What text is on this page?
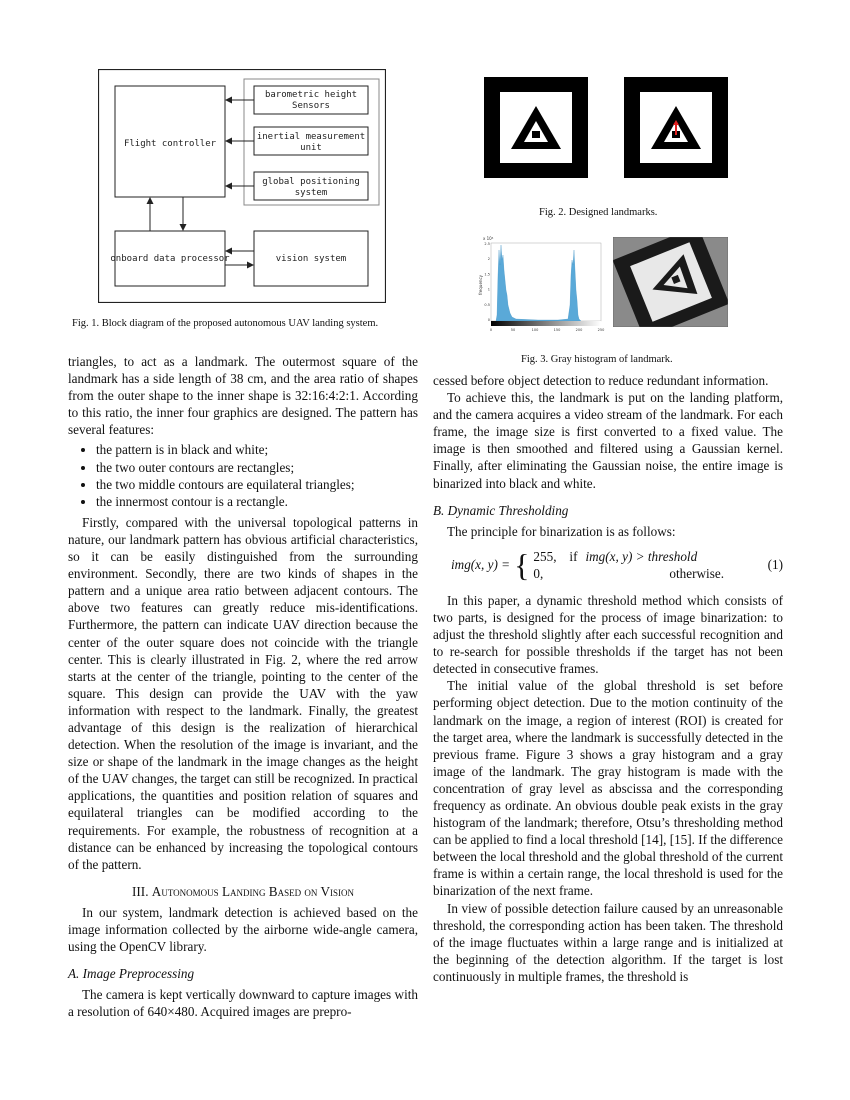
Flight controller
barometric height
Sensors
inertial measurement
unit
global positioning
system
onboard data processor	vision system
Fig. 1. Block diagram of the proposed autonomous UAV landing system.
Fig. 2. Designed landmarks.
x 10⁴
frequency
2.5
2
1.5
1
0.5
0
0	50	100	150	200	250
Fig. 3. Gray histogram of landmark.

triangles, to act as a landmark. The outermost square of the landmark has a side length of 38 cm, and the area ratio of shapes from the outer shape to the inner shape is 32:16:4:2:1. According to this ratio, the inner four graphics are designed. The pattern has several features:

• the pattern is in black and white;
• the two outer contours are rectangles;
• the two middle contours are equilateral triangles;
• the innermost contour is a rectangle.

Firstly, compared with the universal topological patterns in nature, our landmark pattern has obvious artificial characteristics, so it can be easily distinguished from the surrounding environment. Secondly, there are two kinds of shapes in the pattern and a unique area ratio between adjacent contours. The above two features can greatly reduce mis-identifications. Furthermore, the pattern can indicate UAV direction because the center of the outer square does not coincide with the triangle center. This is clearly illustrated in Fig. 2, where the red arrow starts at the center of the triangle, pointing to the center of the square. This design can provide the UAV with the yaw information with respect to the landmark. Finally, the greatest advantage of this design is the realization of hierarchical detection. When the resolution of the image is invariant, and the size or shape of the landmark in the image changes as the height of the UAV changes, the target can still be recognized. In practical applications, the quantities and position relation of squares and equilateral triangles can be modified according to the requirements. For example, the robustness of recognition at a distance can be enhanced by increasing the topological contours of the pattern.

III. Autonomous Landing Based on Vision

In our system, landmark detection is achieved based on the image information collected by the airborne wide-angle camera, using the OpenCV library.

A. Image Preprocessing

The camera is kept vertically downward to capture images with a resolution of 640×480. Acquired images are prepro-

cessed before object detection to reduce redundant information.

To achieve this, the landmark is put on the landing platform, and the camera acquires a video stream of the landmark. For each frame, the image size is first converted to a fixed value. The image is then smoothed and filtered using a Gaussian kernel. Finally, after eliminating the Gaussian noise, the entire image is binarized into black and white.

B. Dynamic Thresholding

The principle for binarization is as follows:

img(x, y) = { 255, if img(x, y) > threshold
0,	otherwise.
(1)

In this paper, a dynamic threshold method which consists of two parts, is designed for the process of image binarization: to adjust the threshold slightly after each successful recognition and to re-search for possible thresholds if the target has not been detected in consecutive frames.

The initial value of the global threshold is set before performing object detection. Due to the motion continuity of the landmark on the image, a region of interest (ROI) is created for the target area, where the landmark is successfully detected in the previous frame. Figure 3 shows a gray histogram and a gray image of the landmark. The gray histogram is made with the concentration of gray level as abscissa and the corresponding frequency as ordinate. An obvious double peak exists in the gray histogram of the landmark; therefore, Otsu’s thresholding method can be applied to find a local threshold [14], [15]. If the difference between the local threshold and the global threshold of the current frame is within a certain range, the local threshold is used for the binarization of the next frame.

In view of possible detection failure caused by an unreasonable threshold, the corresponding action has been taken. The threshold of the image fluctuates within a large range and is initialized at the beginning of the detection algorithm. If the target is lost continuously in multiple frames, the threshold is
